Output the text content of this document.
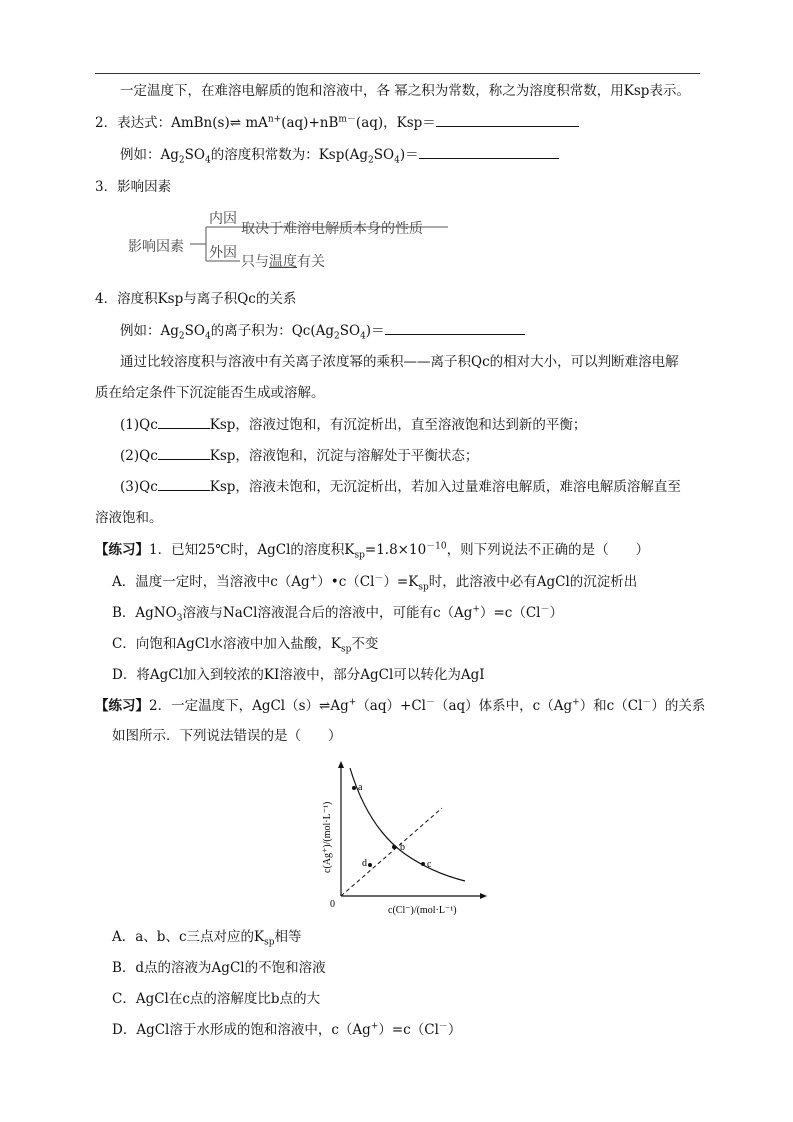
一定温度下，在难溶电解质的饱和溶液中，各 幂之积为常数，称之为溶度积常数，用Ksp表示。
2．表达式：AmBn(s)⇌ $mA^{n+}(aq)+nB^{m-}(aq)$，Ksp＝
例如：$Ag_2SO_4$的溶度积常数为：$Ksp(Ag_2SO_4)=$
3．影响因素
影响因素
内因
取决于难溶电解质本身的性质
外因
只与温度有关
4．溶度积Ksp与离子积Qc的关系
例如：$Ag_2SO_4$的离子积为：$Qc(Ag_2SO_4)=$
通过比较溶度积与溶液中有关离子浓度幂的乘积——离子积Qc的相对大小，可以判断难溶电解
质在给定条件下沉淀能否生成或溶解。
(1)Qc	Ksp，溶液过饱和，有沉淀析出，直至溶液饱和达到新的平衡；
(2)Qc	Ksp，溶液饱和，沉淀与溶解处于平衡状态；
(3)Qc	Ksp，溶液未饱和，无沉淀析出，若加入过量难溶电解质，难溶电解质溶解直至
溶液饱和。
【练习】1．已知25℃时，AgCl的溶度积$K_{sp}=1.8\times 10^{-10}$，则下列说法不正确的是（　　）
A．温度一定时，当溶液中$c(Ag^+)•c(Cl^-)=K_{sp}$时，此溶液中必有AgCl的沉淀析出
B．AgNO$_3$溶液与NaCl溶液混合后的溶液中，可能有c（Ag+）=c（Cl－）
C．向饱和AgCl水溶液中加入盐酸，$K_{sp}$不变
D．将AgCl加入到较浓的KI溶液中，部分AgCl可以转化为AgI
【练习】2．一定温度下，AgCl（s）⇌Ag+（aq）+Cl－（aq）体系中，c（Ag+）和c（Cl－）的关系
如图所示．下列说法错误的是（　　）
a
b
c
d
0
c(Cl⁻)/(mol·L⁻¹)
c(Ag⁺)/(mol·L⁻¹)
A．a、b、c三点对应的$K_{sp}$相等
B．d点的溶液为AgCl的不饱和溶液
C．AgCl在c点的溶解度比b点的大
D．AgCl溶于水形成的饱和溶液中，c（Ag+）=c（Cl－）
